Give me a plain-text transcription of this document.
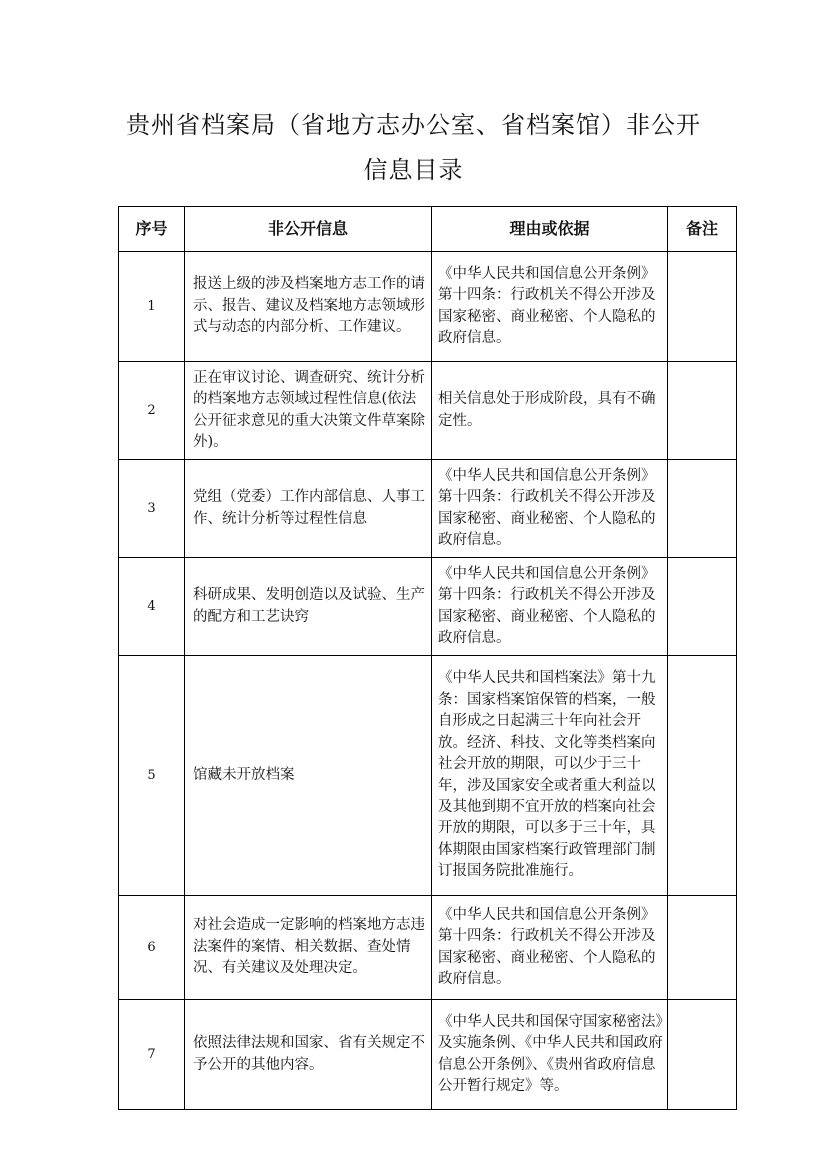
贵州省档案局（省地方志办公室、省档案馆）非公开
信息目录
序号	非公开信息	理由或依据	备注
1	报送上级的涉及档案地方志工作的请示、报告、建议及档案地方志领域形式与动态的内部分析、工作建议。	《中华人民共和国信息公开条例》第十四条：行政机关不得公开涉及国家秘密、商业秘密、个人隐私的政府信息。	
2	正在审议讨论、调查研究、统计分析的档案地方志领域过程性信息(依法公开征求意见的重大决策文件草案除外)。	相关信息处于形成阶段，具有不确定性。	
3	党组（党委）工作内部信息、人事工作、统计分析等过程性信息	《中华人民共和国信息公开条例》第十四条：行政机关不得公开涉及国家秘密、商业秘密、个人隐私的政府信息。	
4	科研成果、发明创造以及试验、生产的配方和工艺诀窍	《中华人民共和国信息公开条例》第十四条：行政机关不得公开涉及国家秘密、商业秘密、个人隐私的政府信息。	
5	馆藏未开放档案	《中华人民共和国档案法》第十九条：国家档案馆保管的档案，一般自形成之日起满三十年向社会开放。经济、科技、文化等类档案向社会开放的期限，可以少于三十年，涉及国家安全或者重大利益以及其他到期不宜开放的档案向社会开放的期限，可以多于三十年，具体期限由国家档案行政管理部门制订报国务院批准施行。	
6	对社会造成一定影响的档案地方志违法案件的案情、相关数据、查处情况、有关建议及处理决定。	《中华人民共和国信息公开条例》第十四条：行政机关不得公开涉及国家秘密、商业秘密、个人隐私的政府信息。	
7	依照法律法规和国家、省有关规定不予公开的其他内容。	《中华人民共和国保守国家秘密法》及实施条例、《中华人民共和国政府信息公开条例》、《贵州省政府信息公开暂行规定》等。	
